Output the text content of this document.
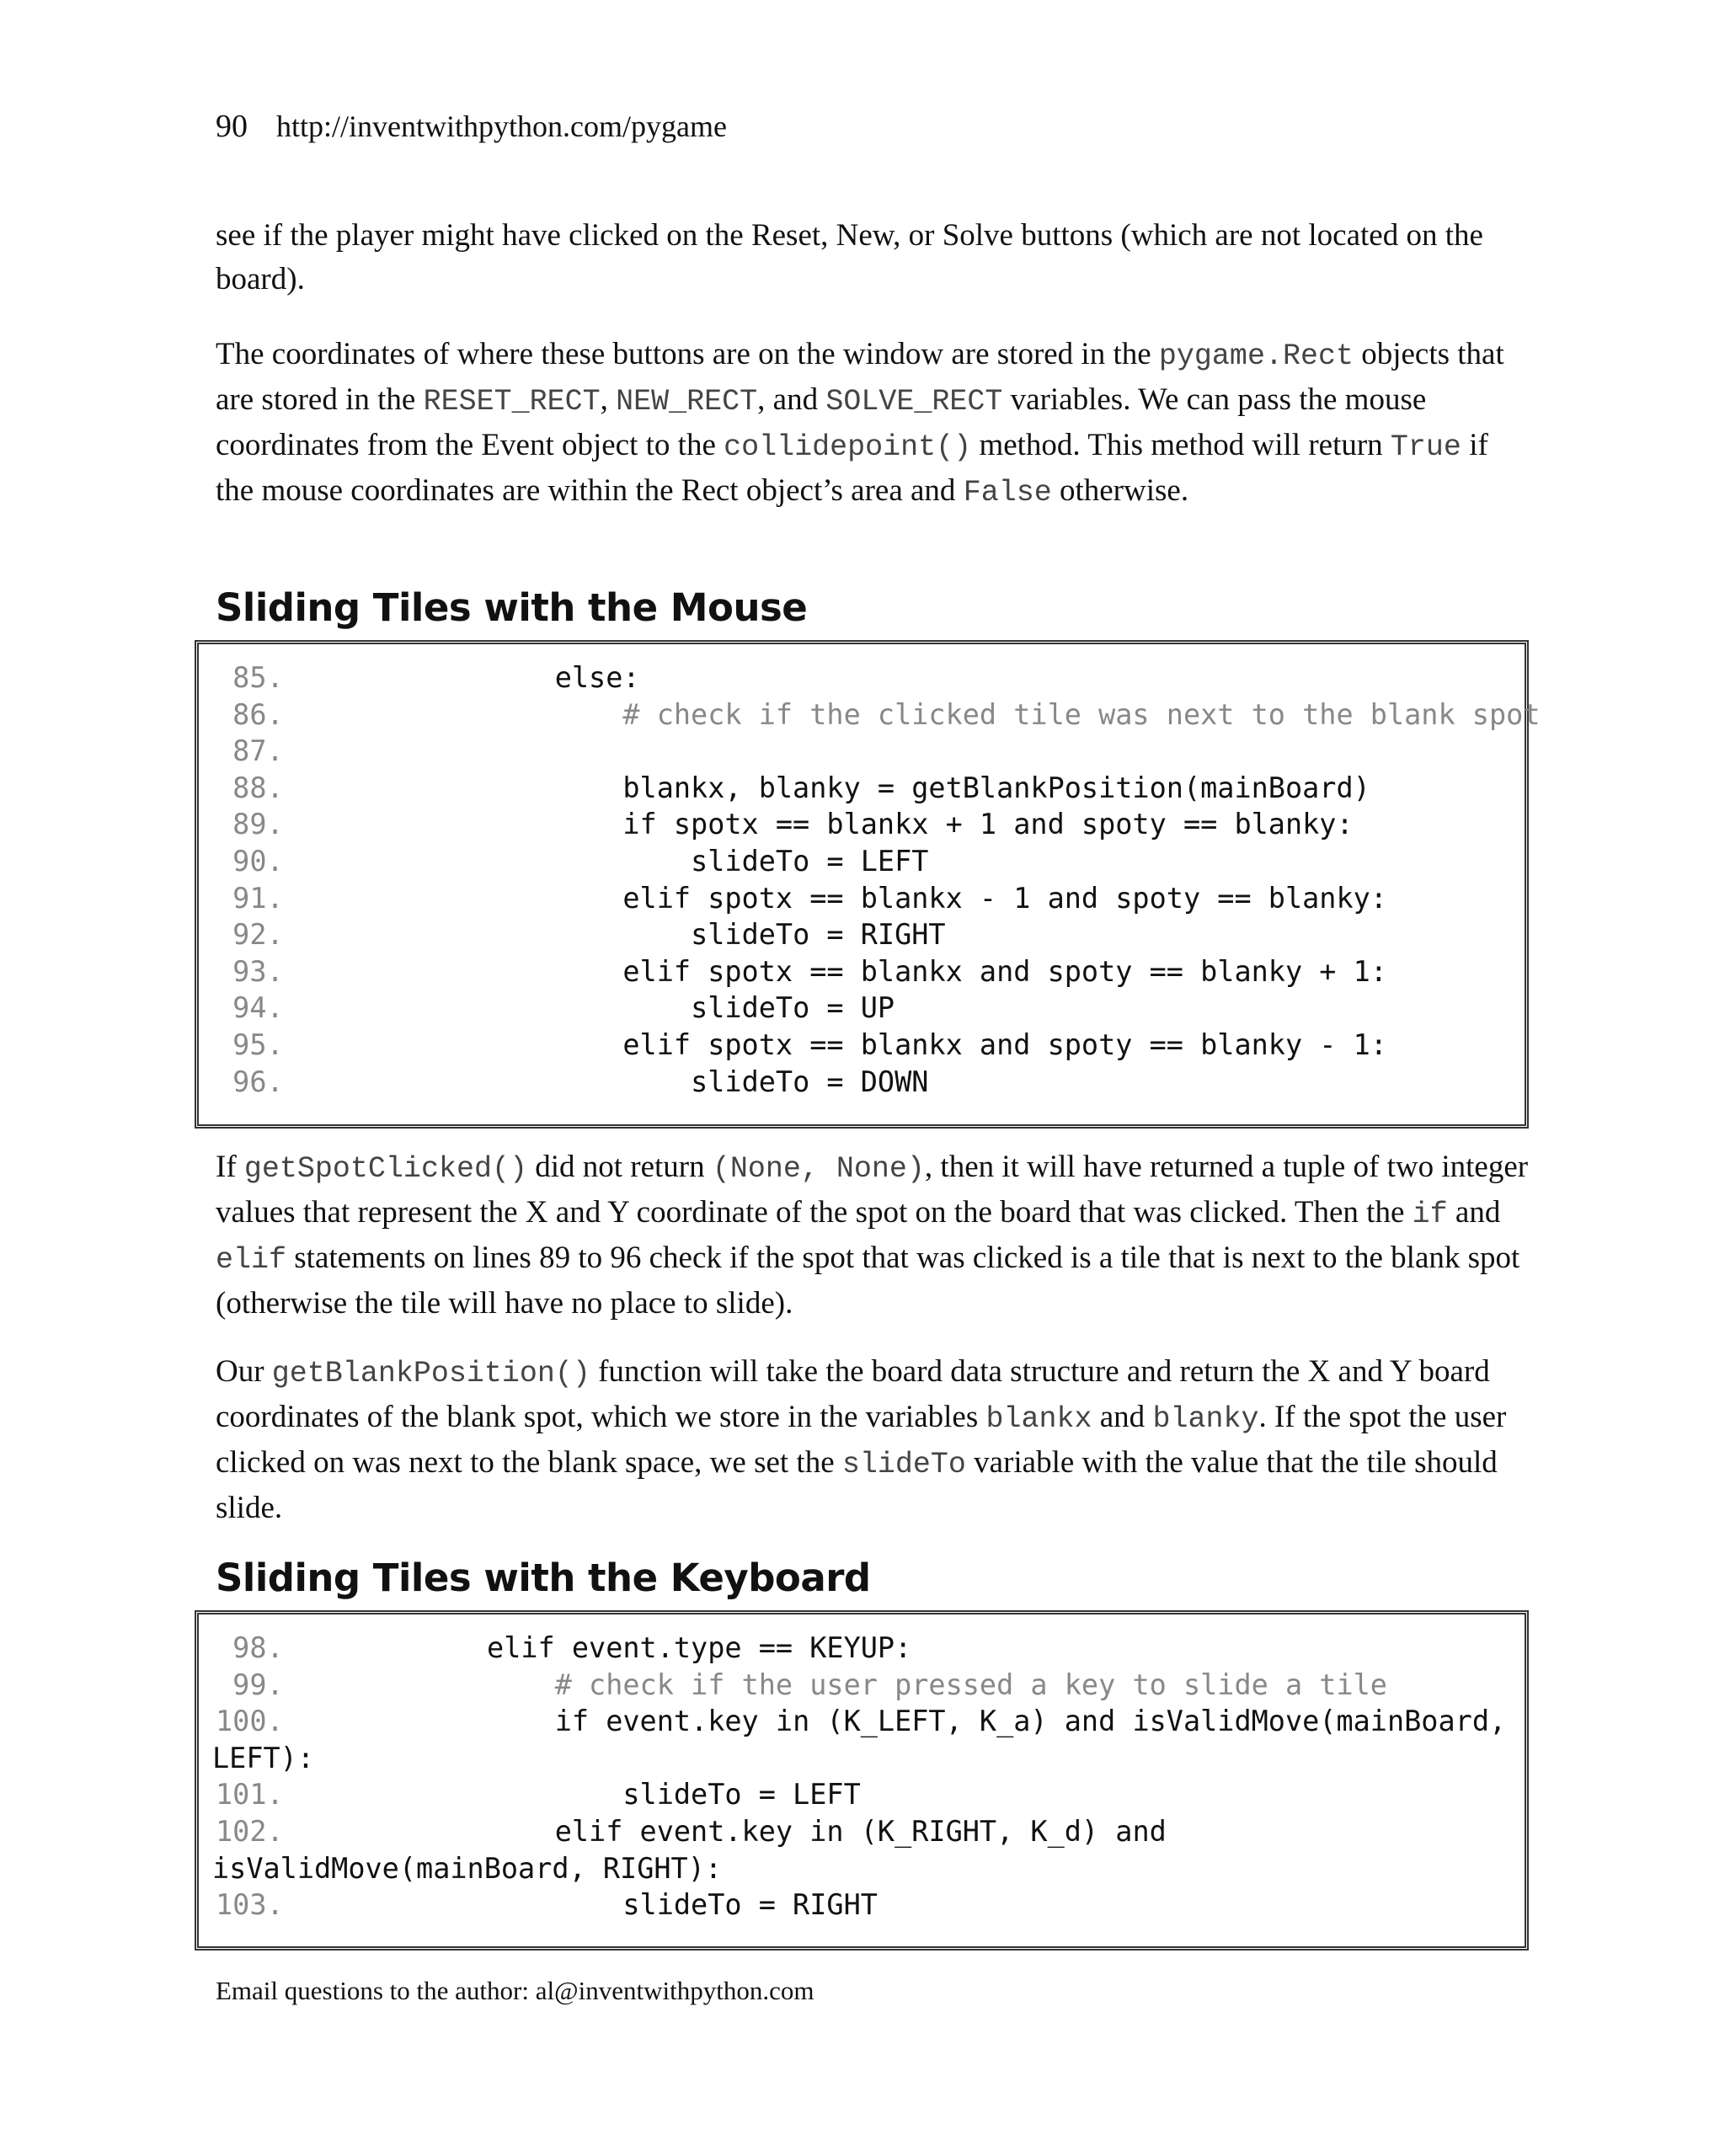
90 http://inventwithpython.com/pygame

see if the player might have clicked on the Reset, New, or Solve buttons (which are not located on the board).

The coordinates of where these buttons are on the window are stored in the pygame.Rect objects that are stored in the RESET_RECT, NEW_RECT, and SOLVE_RECT variables. We can pass the mouse coordinates from the Event object to the collidepoint() method. This method will return True if the mouse coordinates are within the Rect object’s area and False otherwise.

Sliding Tiles with the Mouse
85.	else:
86.	# check if the clicked tile was next to the blank spot
87.
88.	blankx, blanky = getBlankPosition(mainBoard)
89.	if spotx == blankx + 1 and spoty == blanky:
90.	slideTo = LEFT
91.	elif spotx == blankx - 1 and spoty == blanky:
92.	slideTo = RIGHT
93.	elif spotx == blankx and spoty == blanky + 1:
94.	slideTo = UP
95.	elif spotx == blankx and spoty == blanky - 1:
96.	slideTo = DOWN

If getSpotClicked() did not return (None, None), then it will have returned a tuple of two integer values that represent the X and Y coordinate of the spot on the board that was clicked. Then the if and elif statements on lines 89 to 96 check if the spot that was clicked is a tile that is next to the blank spot (otherwise the tile will have no place to slide).

Our getBlankPosition() function will take the board data structure and return the X and Y board coordinates of the blank spot, which we store in the variables blankx and blanky. If the spot the user clicked on was next to the blank space, we set the slideTo variable with the value that the tile should slide.

Sliding Tiles with the Keyboard
98.	elif event.type == KEYUP:
99.	# check if the user pressed a key to slide a tile
100.	if event.key in (K_LEFT, K_a) and isValidMove(mainBoard,
LEFT):
101.	slideTo = LEFT
102.	elif event.key in (K_RIGHT, K_d) and
isValidMove(mainBoard, RIGHT):
103.	slideTo = RIGHT
Email questions to the author: al@inventwithpython.com
